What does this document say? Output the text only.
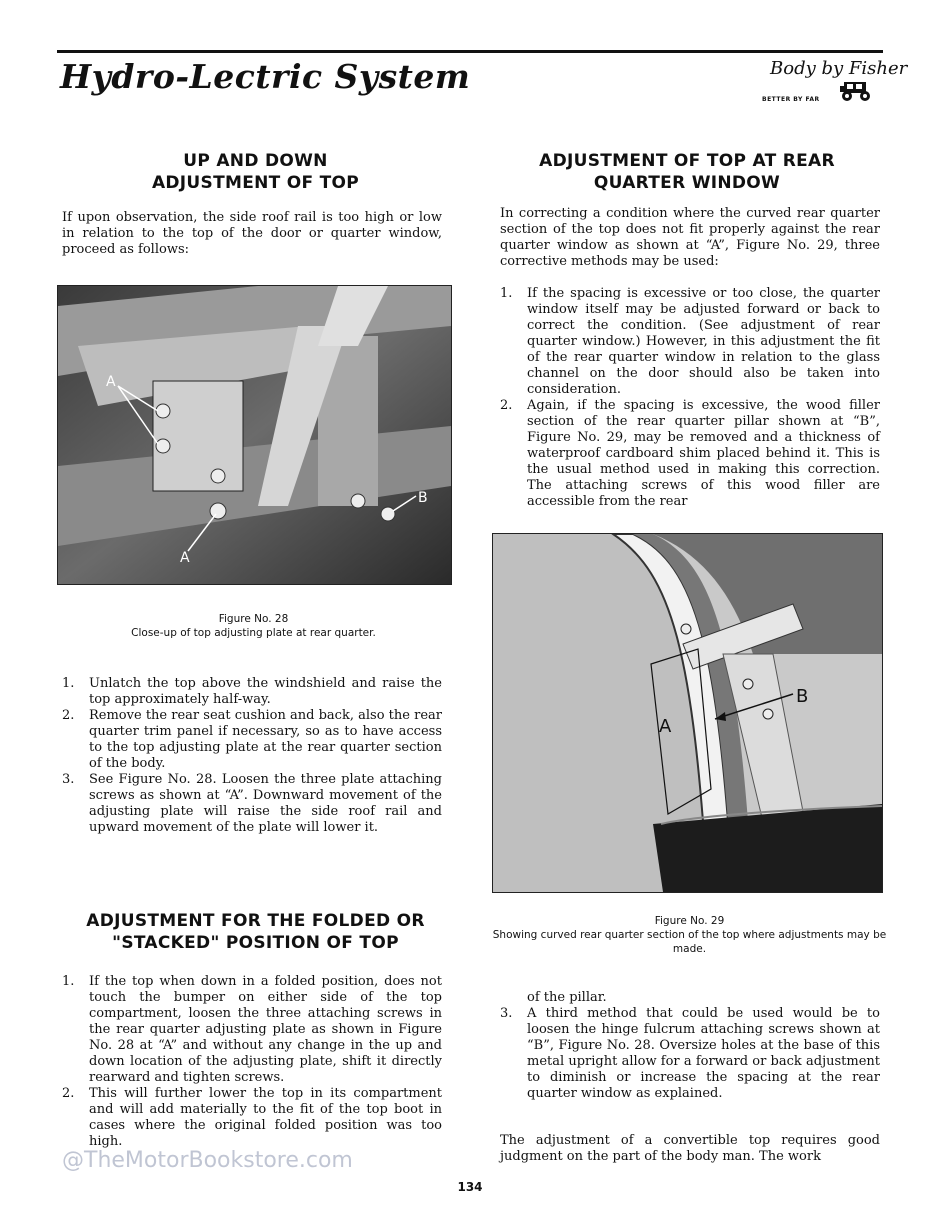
Hydro-Lectric System	Body by Fisher
BETTER BY FAR
UP AND DOWN
ADJUSTMENT OF TOP

If upon observation, the side roof rail is too high or low in relation to the top of the door or quarter window, proceed as follows:

A
A
B
Figure No. 28
Close-up of top adjusting plate at rear quarter.
1. Unlatch the top above the windshield and raise the top approximately half-way.
2. Remove the rear seat cushion and back, also the rear quarter trim panel if necessary, so as to have access to the top adjusting plate at the rear quarter section of the body.
3. See Figure No. 28. Loosen the three plate attaching screws as shown at “A”. Downward movement of the adjusting plate will raise the side roof rail and upward movement of the plate will lower it.
ADJUSTMENT FOR THE FOLDED OR
"STACKED" POSITION OF TOP
1. If the top when down in a folded position, does not touch the bumper on either side of the top compartment, loosen the three attaching screws in the rear quarter adjusting plate as shown in Figure No. 28 at “A” and without any change in the up and down location of the adjusting plate, shift it directly rearward and tighten screws.
2. This will further lower the top in its compartment and will add materially to the fit of the top boot in cases where the original folded position was too high.
ADJUSTMENT OF TOP AT REAR
QUARTER WINDOW

In correcting a condition where the curved rear quarter section of the top does not fit properly against the rear quarter window as shown at “A”, Figure No. 29, three corrective methods may be used:

1. If the spacing is excessive or too close, the quarter window itself may be adjusted forward or back to correct the condition. (See adjustment of rear quarter window.) However, in this adjustment the fit of the rear quarter window in relation to the glass channel on the door should also be taken into consideration.
2. Again, if the spacing is excessive, the wood filler section of the rear quarter pillar shown at “B”, Figure No. 29, may be removed and a thickness of waterproof cardboard shim placed behind it. This is the usual method used in making this correction. The attaching screws of this wood filler are accessible from the rear
A
B
Figure No. 29
Showing curved rear quarter section of the top where adjustments may be made.

of the pillar.

3. A third method that could be used would be to loosen the hinge fulcrum attaching screws shown at “B”, Figure No. 28. Oversize holes at the base of this metal upright allow for a forward or back adjustment to diminish or increase the spacing at the rear quarter window as explained.

The adjustment of a convertible top requires good judgment on the part of the body man. The work

@TheMotorBookstore.com
134
